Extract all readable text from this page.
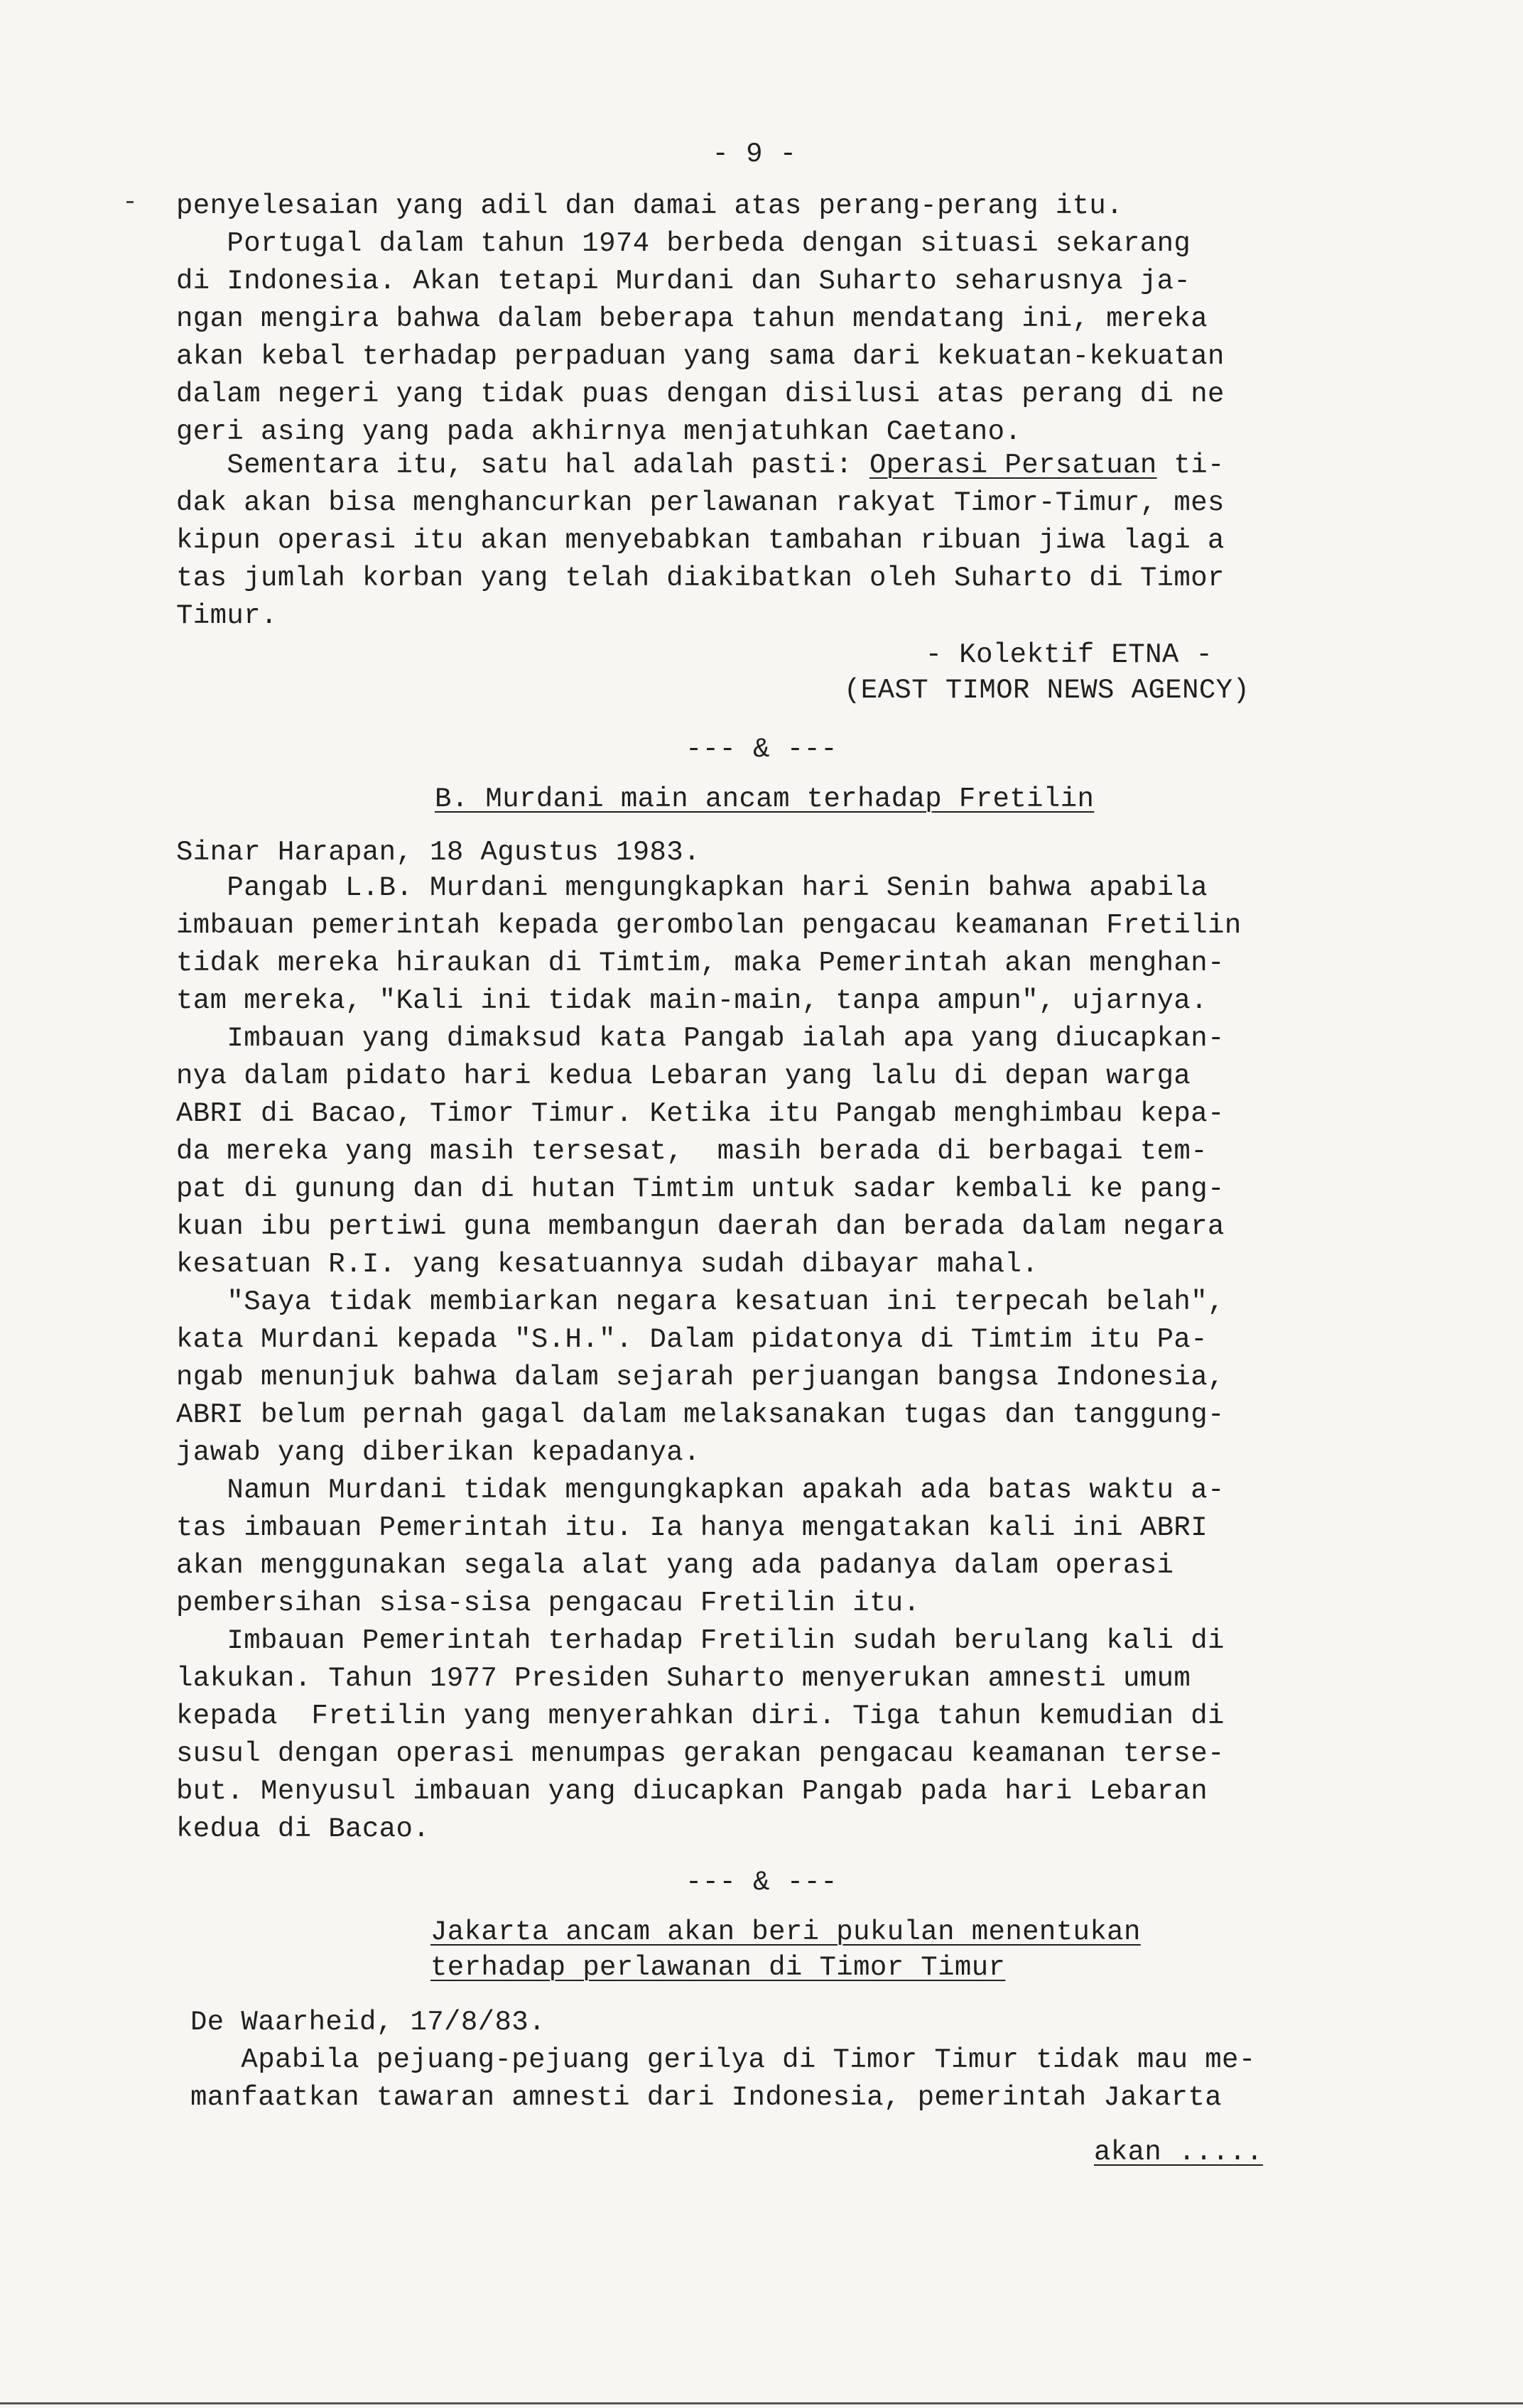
- 9 -
penyelesaian yang adil dan damai atas perang-perang itu.
Portugal dalam tahun 1974 berbeda dengan situasi sekarang
di Indonesia. Akan tetapi Murdani dan Suharto seharusnya ja-
ngan mengira bahwa dalam beberapa tahun mendatang ini, mereka
akan kebal terhadap perpaduan yang sama dari kekuatan-kekuatan
dalam negeri yang tidak puas dengan disilusi atas perang di ne
geri asing yang pada akhirnya menjatuhkan Caetano.
Sementara itu, satu hal adalah pasti: Operasi Persatuan ti-
dak akan bisa menghancurkan perlawanan rakyat Timor-Timur, mes
kipun operasi itu akan menyebabkan tambahan ribuan jiwa lagi a
tas jumlah korban yang telah diakibatkan oleh Suharto di Timor
Timur.
- Kolektif ETNA -
(EAST TIMOR NEWS AGENCY)
--- & ---
B. Murdani main ancam terhadap Fretilin
Sinar Harapan, 18 Agustus 1983.
Pangab L.B. Murdani mengungkapkan hari Senin bahwa apabila
imbauan pemerintah kepada gerombolan pengacau keamanan Fretilin
tidak mereka hiraukan di Timtim, maka Pemerintah akan menghan-
tam mereka, "Kali ini tidak main-main, tanpa ampun", ujarnya.
Imbauan yang dimaksud kata Pangab ialah apa yang diucapkan-
nya dalam pidato hari kedua Lebaran yang lalu di depan warga
ABRI di Bacao, Timor Timur. Ketika itu Pangab menghimbau kepa-
da mereka yang masih tersesat,  masih berada di berbagai tem-
pat di gunung dan di hutan Timtim untuk sadar kembali ke pang-
kuan ibu pertiwi guna membangun daerah dan berada dalam negara
kesatuan R.I. yang kesatuannya sudah dibayar mahal.
"Saya tidak membiarkan negara kesatuan ini terpecah belah",
kata Murdani kepada "S.H.". Dalam pidatonya di Timtim itu Pa-
ngab menunjuk bahwa dalam sejarah perjuangan bangsa Indonesia,
ABRI belum pernah gagal dalam melaksanakan tugas dan tanggung-
jawab yang diberikan kepadanya.
Namun Murdani tidak mengungkapkan apakah ada batas waktu a-
tas imbauan Pemerintah itu. Ia hanya mengatakan kali ini ABRI
akan menggunakan segala alat yang ada padanya dalam operasi
pembersihan sisa-sisa pengacau Fretilin itu.
Imbauan Pemerintah terhadap Fretilin sudah berulang kali di
lakukan. Tahun 1977 Presiden Suharto menyerukan amnesti umum
kepada  Fretilin yang menyerahkan diri. Tiga tahun kemudian di
susul dengan operasi menumpas gerakan pengacau keamanan terse-
but. Menyusul imbauan yang diucapkan Pangab pada hari Lebaran
kedua di Bacao.
--- & ---
Jakarta ancam akan beri pukulan menentukan
terhadap perlawanan di Timor Timur
De Waarheid, 17/8/83.
Apabila pejuang-pejuang gerilya di Timor Timur tidak mau me-
manfaatkan tawaran amnesti dari Indonesia, pemerintah Jakarta
akan .....
